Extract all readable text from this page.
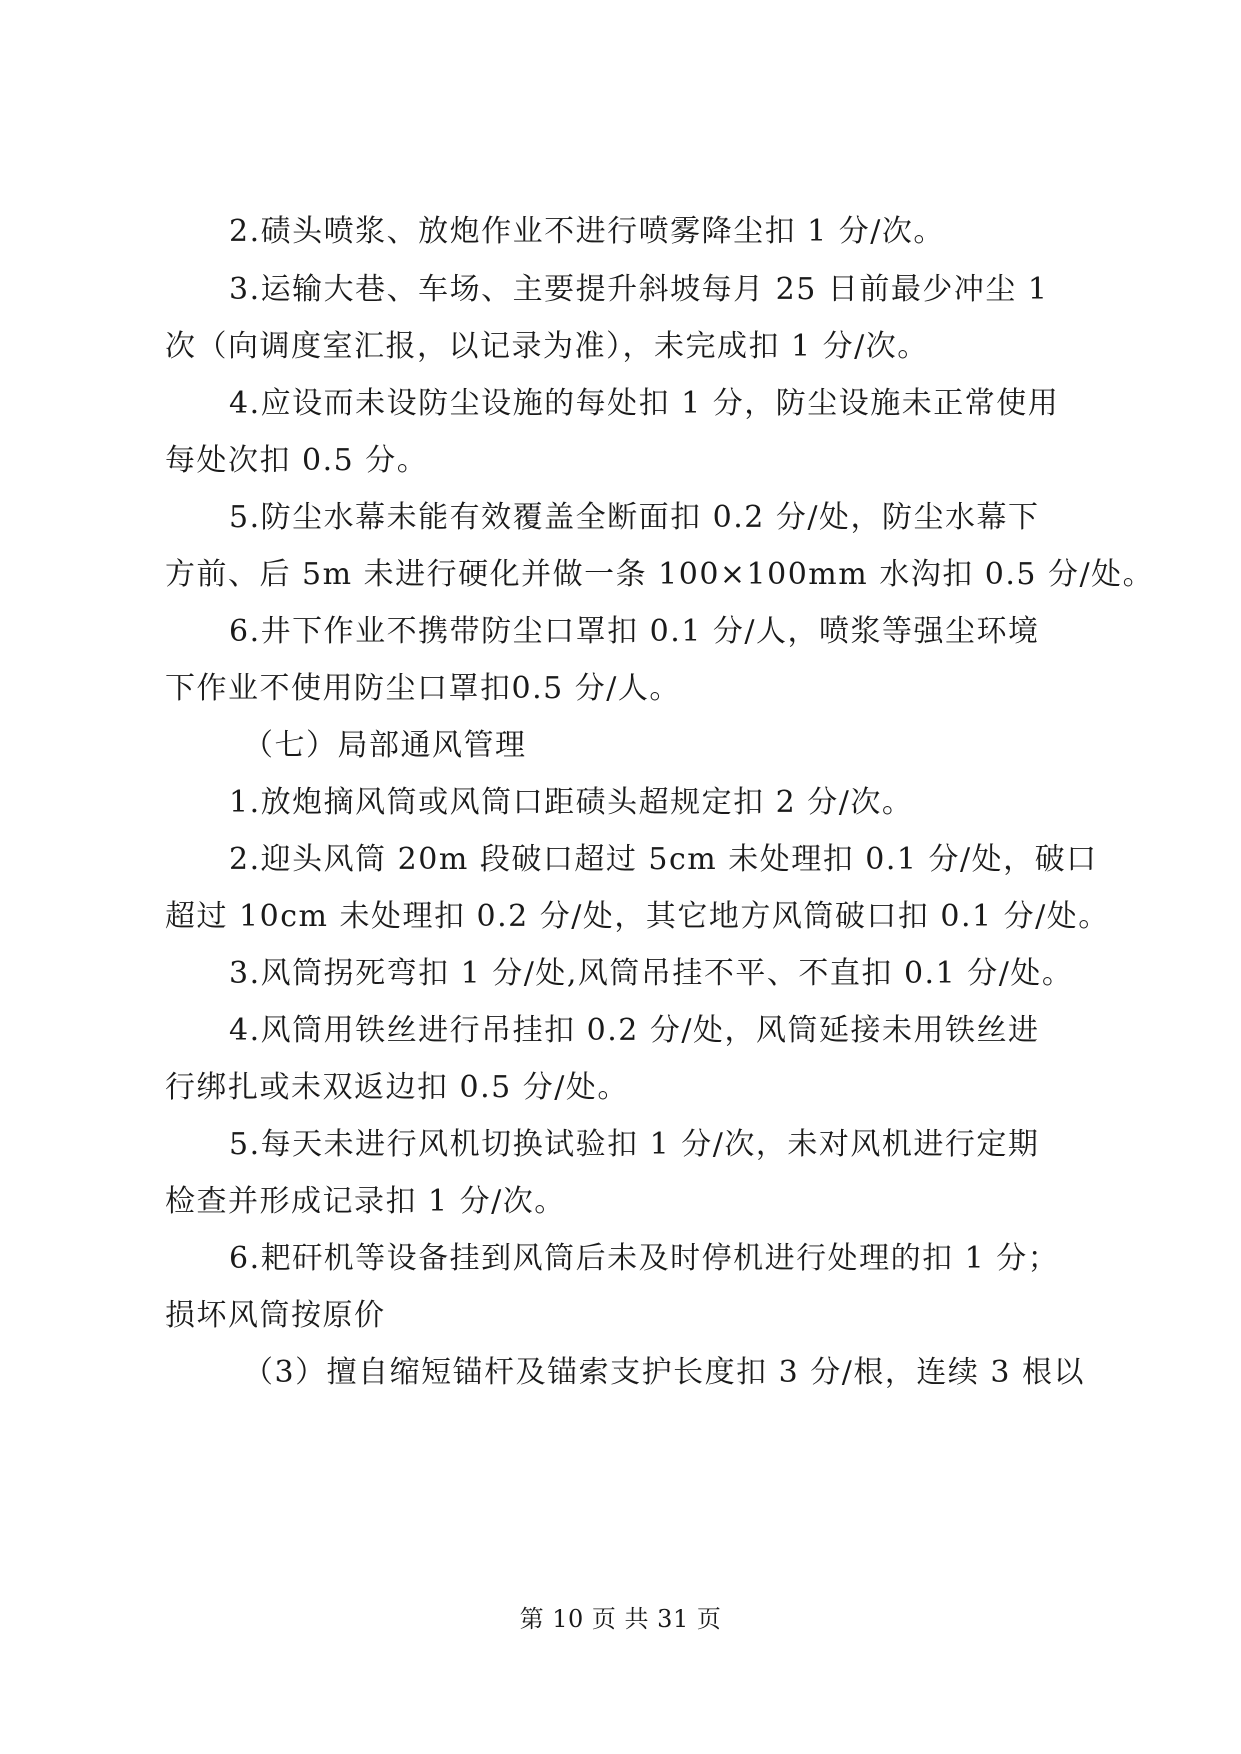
2.碛头喷浆、放炮作业不进行喷雾降尘扣 1 分/次。
3.运输大巷、车场、主要提升斜坡每月 25 日前最少冲尘 1
次（向调度室汇报，以记录为准），未完成扣 1 分/次。
4.应设而未设防尘设施的每处扣 1 分，防尘设施未正常使用
每处次扣 0.5 分。
5.防尘水幕未能有效覆盖全断面扣 0.2 分/处，防尘水幕下
方前、后 5m 未进行硬化并做一条 100×100mm 水沟扣 0.5 分/处。
6.井下作业不携带防尘口罩扣 0.1 分/人，喷浆等强尘环境
下作业不使用防尘口罩扣0.5 分/人。
（七）局部通风管理
1.放炮摘风筒或风筒口距碛头超规定扣 2 分/次。
2.迎头风筒 20m 段破口超过 5cm 未处理扣 0.1 分/处，破口
超过 10cm 未处理扣 0.2 分/处，其它地方风筒破口扣 0.1 分/处。
3.风筒拐死弯扣 1 分/处,风筒吊挂不平、不直扣 0.1 分/处。
4.风筒用铁丝进行吊挂扣 0.2 分/处，风筒延接未用铁丝进
行绑扎或未双返边扣 0.5 分/处。
5.每天未进行风机切换试验扣 1 分/次，未对风机进行定期
检查并形成记录扣 1 分/次。
6.耙矸机等设备挂到风筒后未及时停机进行处理的扣 1 分；
损坏风筒按原价
（3）擅自缩短锚杆及锚索支护长度扣 3 分/根，连续 3 根以
第 10 页 共 31 页
